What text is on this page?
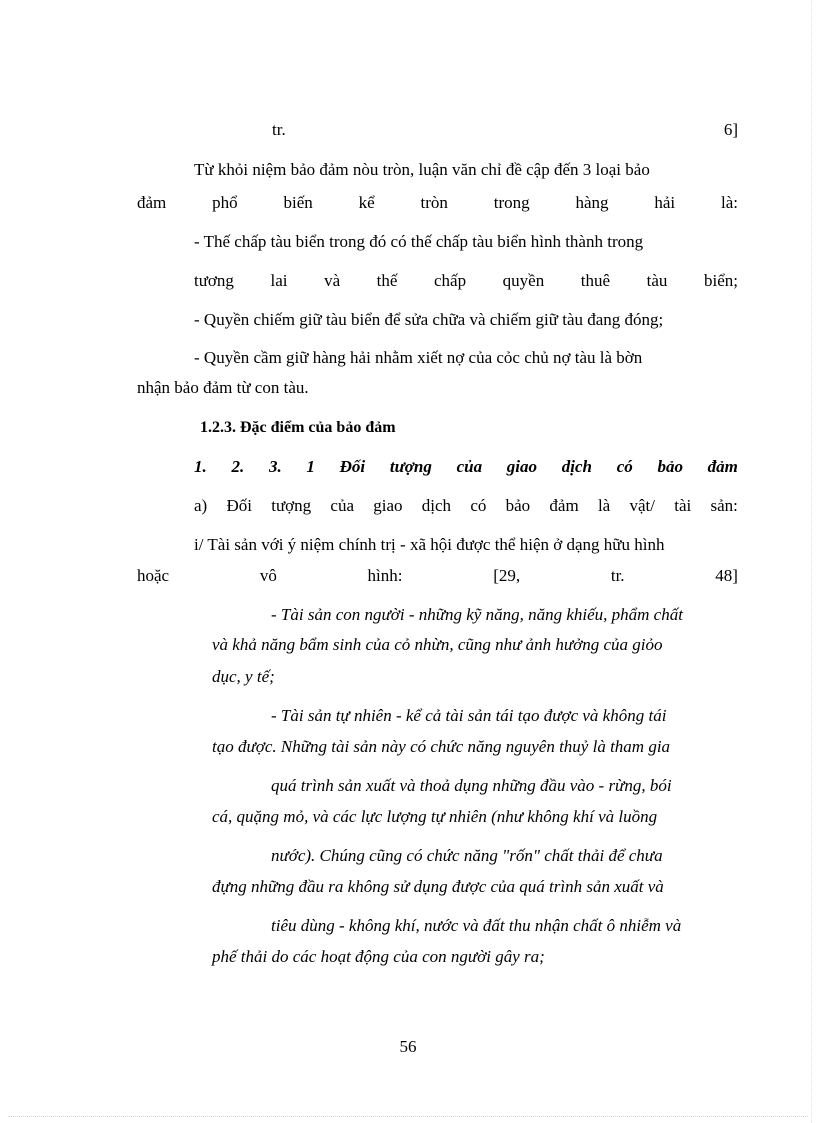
tr.	6]
Từ khỏi niệm bảo đảm nòu tròn, luận văn chỉ đề cập đến 3 loại bảo
đảm	phổ	biến	kể	tròn	trong	hàng	hải	là:
- Thế chấp tàu biển trong đó có thế chấp tàu biển hình thành trong
tương lai và thế chấp quyền thuê tàu biển;
- Quyền chiếm giữ tàu biển để sửa chữa và chiếm giữ tàu đang đóng;
- Quyền cầm giữ hàng hải nhằm xiết nợ của cỏc chủ nợ tàu là bờn
nhận bảo đảm từ con tàu.
1.2.3. Đặc điểm của bảo đảm
1. 2. 3. 1 Đối tượng của giao dịch có bảo đảm
a) Đối tượng của giao dịch có bảo đảm là vật/ tài sản:
i/ Tài sản với ý niệm chính trị - xã hội được thể hiện ở dạng hữu hình
hoặc	vô	hình:	[29,	tr.	48]
- Tài sản con người - những kỹ năng, năng khiếu, phẩm chất
và khả năng bẩm sinh của cỏ nhừn, cũng như ảnh hưởng của giỏo
dục, y tế;
- Tài sản tự nhiên - kể cả tài sản tái tạo được và không tái
tạo được. Những tài sản này có chức năng nguyên thuỷ là tham gia
quá trình sản xuất và thoả dụng những đầu vào - rừng, bói
cá, quặng mỏ, và các lực lượng tự nhiên (như không khí và luồng
nước). Chúng cũng có chức năng "rốn" chất thải để chưa
đựng những đầu ra không sử dụng được của quá trình sản xuất và
tiêu dùng - không khí, nước và đất thu nhận chất ô nhiễm và
phế thải do các hoạt động của con người gây ra;
56
